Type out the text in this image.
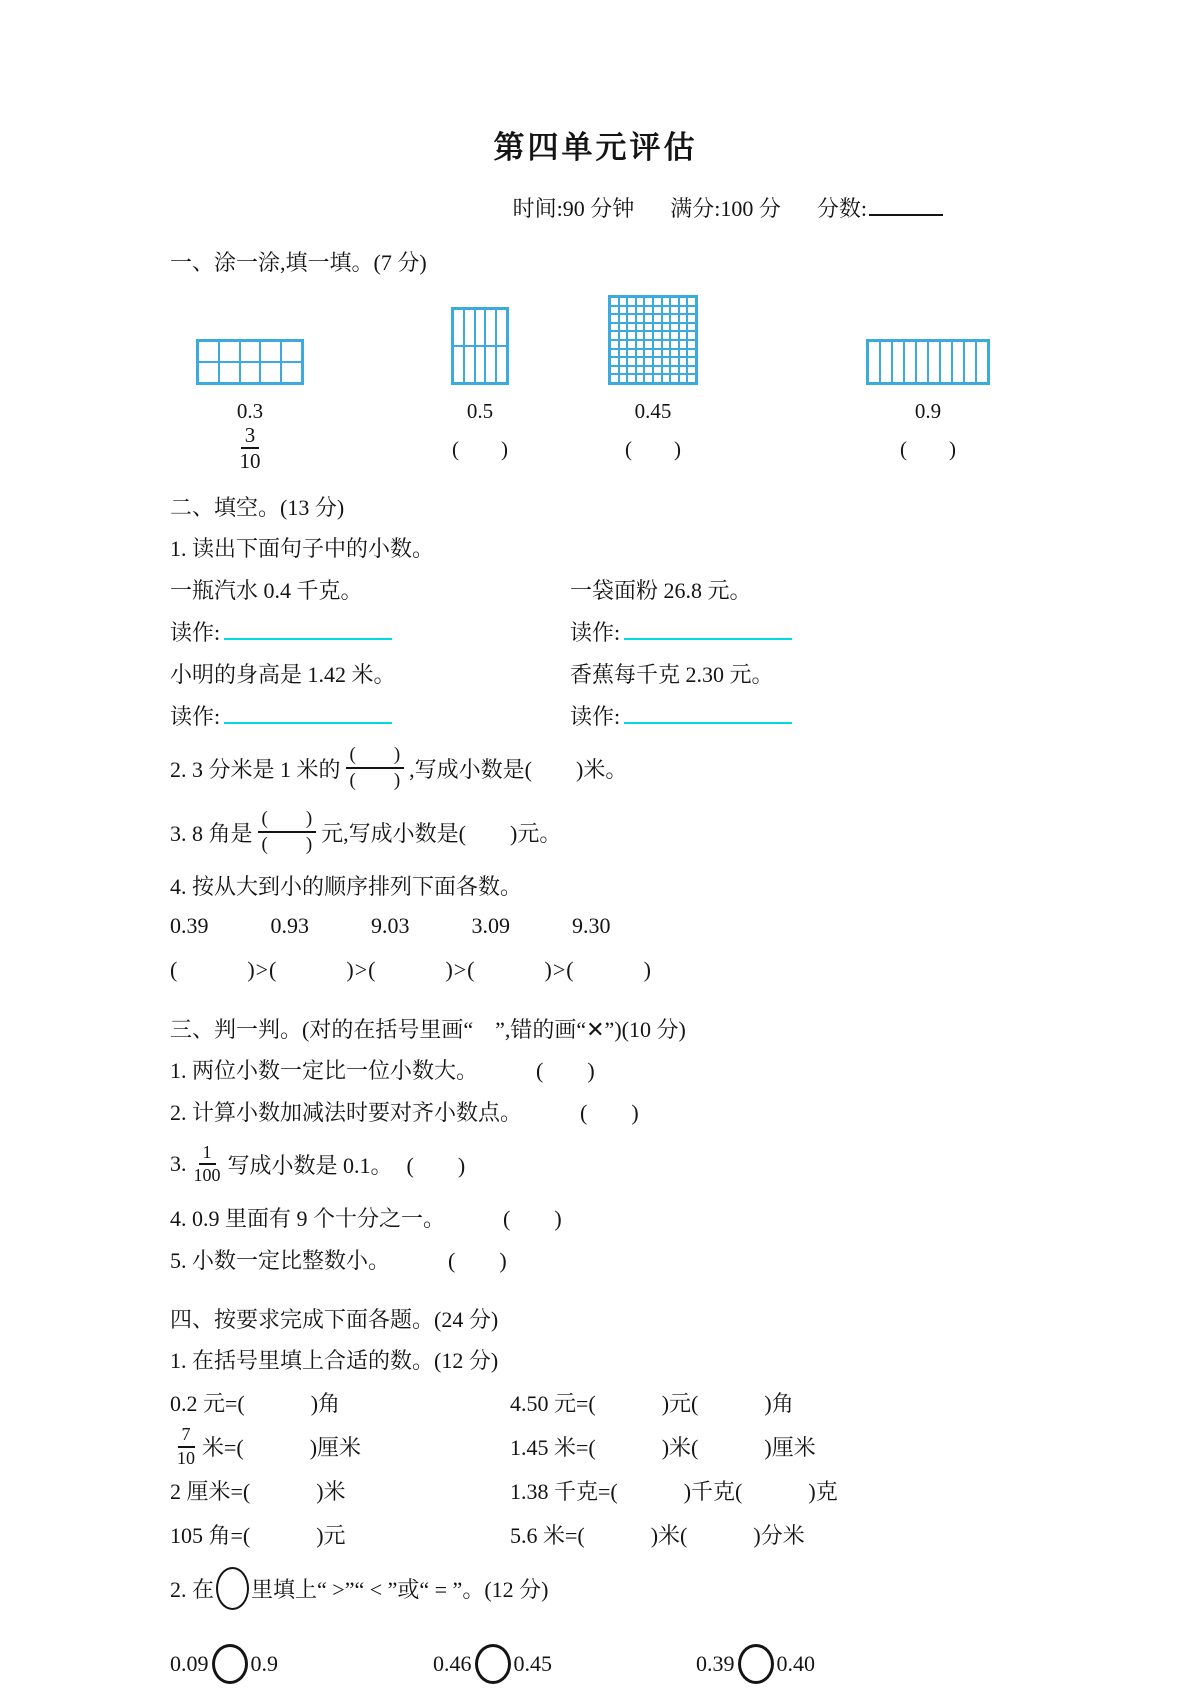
第四单元评估
时间:90 分钟 满分:100 分 分数:

一、涂一涂,填一填。(7 分)

0.3
$\frac{3}{10}$
0.5
(　　)
0.45
(　　)
0.9
(　　)

二、填空。(13 分)

1. 读出下面句子中的小数。

一瓶汽水 0.4 千克。	一袋面粉 26.8 元。
读作:	读作:
小明的身高是 1.42 米。	香蕉每千克 2.30 元。
读作:	读作:

2. 3 分米是 1 米的 $\frac{( )}{( )}$ ,写成小数是(　　)米。

3. 8 角是 $\frac{( )}{( )}$ 元,写成小数是(　　)元。

4. 按从大到小的顺序排列下面各数。

0.39	0.93	9.03	3.09	9.30
(　　　)>(　　　)>(　　　)>(　　　)>(　　　)

三、判一判。(对的在括号里画“　”,错的画“✕”)(10 分)

1. 两位小数一定比一位小数大。	(　　)

2. 计算小数加减法时要对齐小数点。	(　　)

3. $\frac{1}{100}$ 写成小数是 0.1。 (　　)

4. 0.9 里面有 9 个十分之一。	(　　)

5. 小数一定比整数小。	(　　)

四、按要求完成下面各题。(24 分)

1. 在括号里填上合适的数。(12 分)

0.2 元=(　　　)角	4.50 元=(　　　)元(　　　)角
$\frac{7}{10}$ 米=(　　　)厘米	1.45 米=(　　　)米(　　　)厘米
2 厘米=(　　　)米	1.38 千克=(　　　)千克(　　　)克
105 角=(　　　)元	5.6 米=(　　　)米(　　　)分米

2. 在 里填上“ >”“ < ”或“ = ”。(12 分)

0.09 0.9	0.46 0.45	0.39 0.40
